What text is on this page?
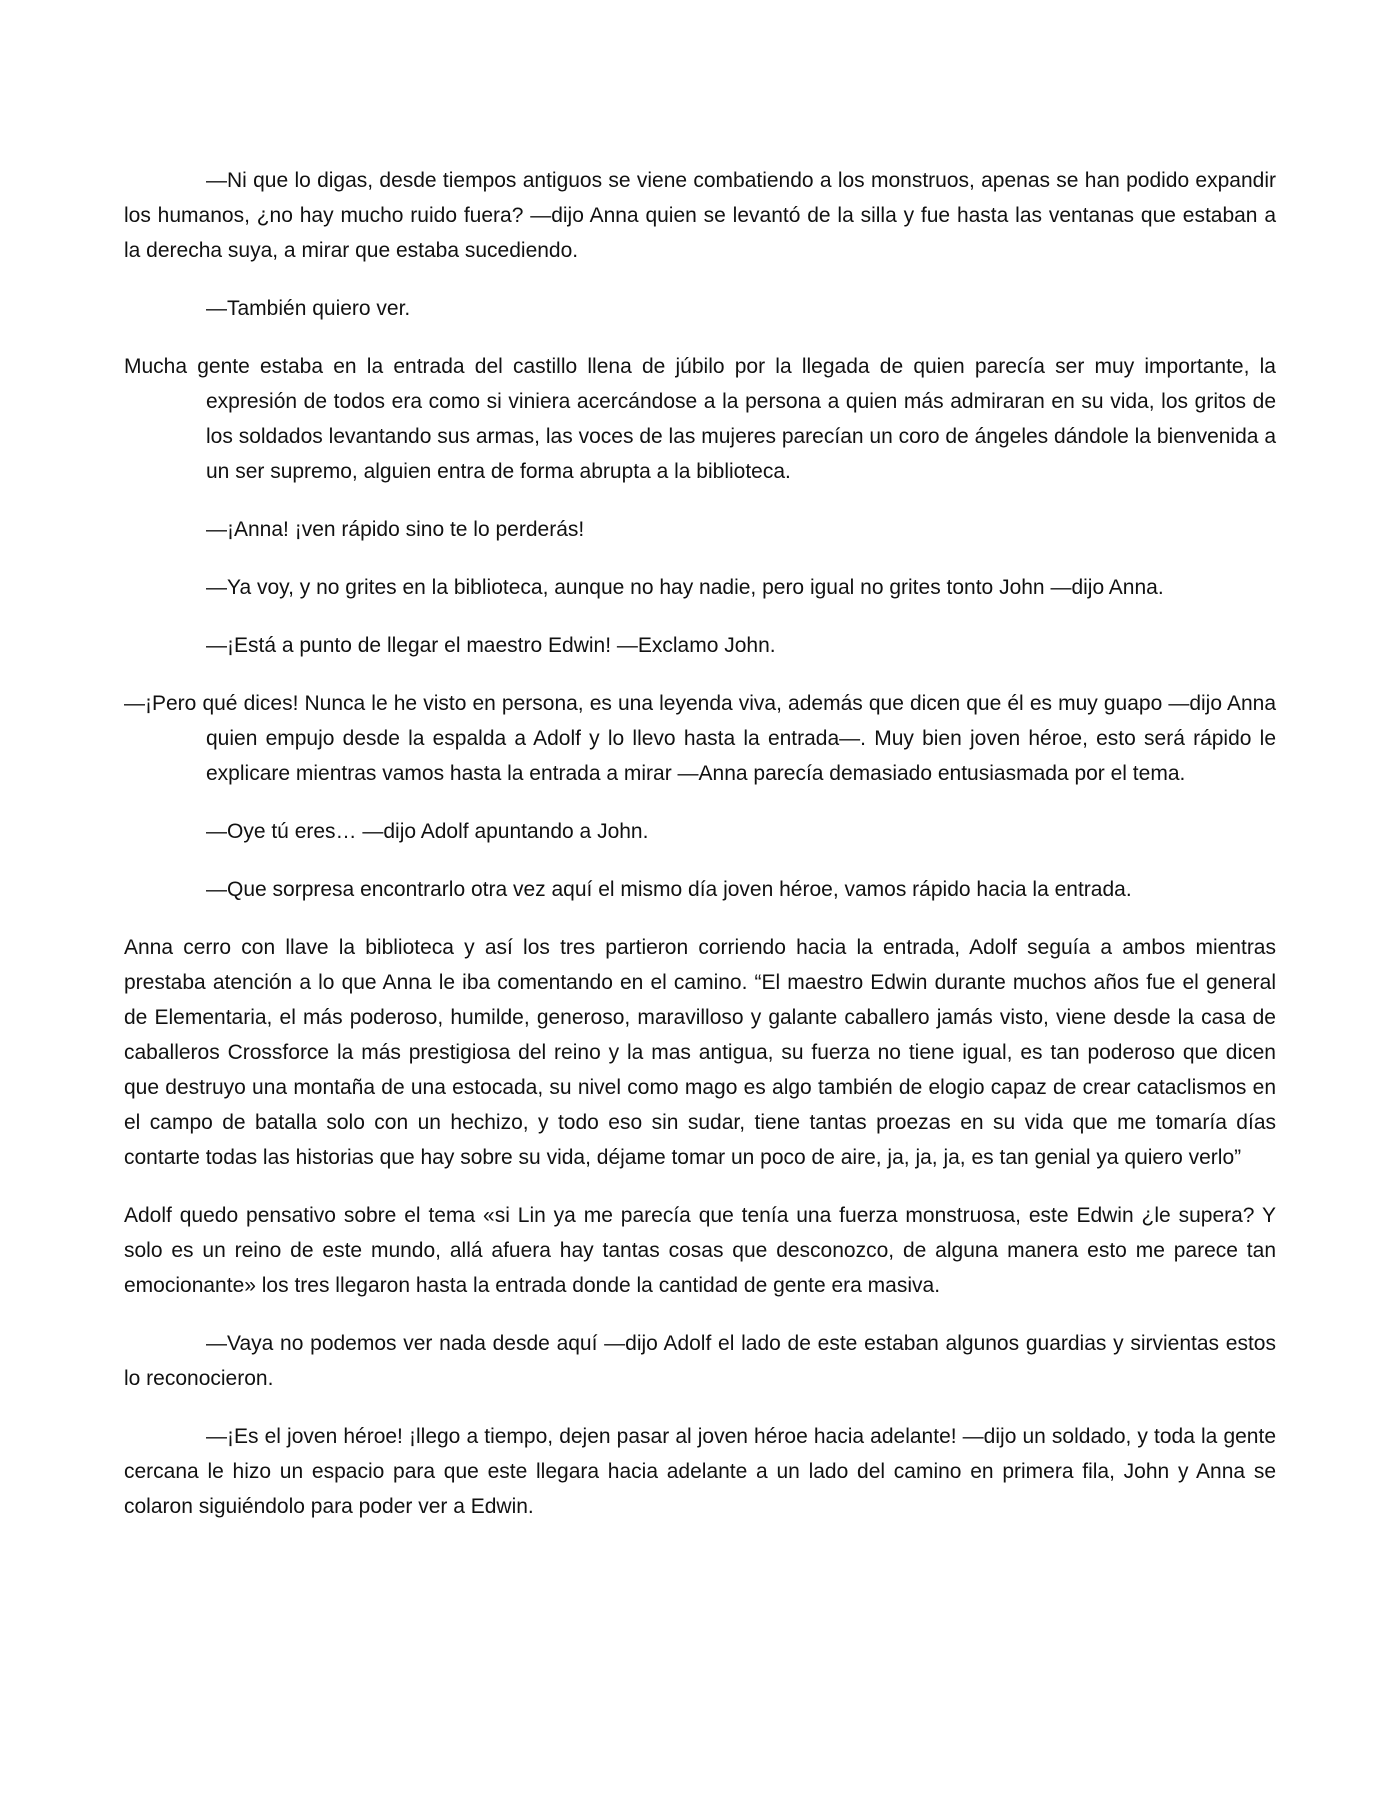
—Ni que lo digas, desde tiempos antiguos se viene combatiendo a los monstruos, apenas se han podido expandir los humanos, ¿no hay mucho ruido fuera? —dijo Anna quien se levantó de la silla y fue hasta las ventanas que estaban a la derecha suya, a mirar que estaba sucediendo.

—También quiero ver.

Mucha gente estaba en la entrada del castillo llena de júbilo por la llegada de quien parecía ser muy importante, la expresión de todos era como si viniera acercándose a la persona a quien más admiraran en su vida, los gritos de los soldados levantando sus armas, las voces de las mujeres parecían un coro de ángeles dándole la bienvenida a un ser supremo, alguien entra de forma abrupta a la biblioteca.

—¡Anna! ¡ven rápido sino te lo perderás!

—Ya voy, y no grites en la biblioteca, aunque no hay nadie, pero igual no grites tonto John —dijo Anna.

—¡Está a punto de llegar el maestro Edwin! —Exclamo John.

—¡Pero qué dices! Nunca le he visto en persona, es una leyenda viva, además que dicen que él es muy guapo —dijo Anna quien empujo desde la espalda a Adolf y lo llevo hasta la entrada—. Muy bien joven héroe, esto será rápido le explicare mientras vamos hasta la entrada a mirar —Anna parecía demasiado entusiasmada por el tema.

—Oye tú eres… —dijo Adolf apuntando a John.

—Que sorpresa encontrarlo otra vez aquí el mismo día joven héroe, vamos rápido hacia la entrada.

Anna cerro con llave la biblioteca y así los tres partieron corriendo hacia la entrada, Adolf seguía a ambos mientras prestaba atención a lo que Anna le iba comentando en el camino. “El maestro Edwin durante muchos años fue el general de Elementaria, el más poderoso, humilde, generoso, maravilloso y galante caballero jamás visto, viene desde la casa de caballeros Crossforce la más prestigiosa del reino y la mas antigua, su fuerza no tiene igual, es tan poderoso que dicen que destruyo una montaña de una estocada, su nivel como mago es algo también de elogio capaz de crear cataclismos en el campo de batalla solo con un hechizo, y todo eso sin sudar, tiene tantas proezas en su vida que me tomaría días contarte todas las historias que hay sobre su vida, déjame tomar un poco de aire, ja, ja, ja, es tan genial ya quiero verlo”

Adolf quedo pensativo sobre el tema «si Lin ya me parecía que tenía una fuerza monstruosa, este Edwin ¿le supera? Y solo es un reino de este mundo, allá afuera hay tantas cosas que desconozco, de alguna manera esto me parece tan emocionante» los tres llegaron hasta la entrada donde la cantidad de gente era masiva.

—Vaya no podemos ver nada desde aquí —dijo Adolf el lado de este estaban algunos guardias y sirvientas estos lo reconocieron.

—¡Es el joven héroe! ¡llego a tiempo, dejen pasar al joven héroe hacia adelante! —dijo un soldado, y toda la gente cercana le hizo un espacio para que este llegara hacia adelante a un lado del camino en primera fila, John y Anna se colaron siguiéndolo para poder ver a Edwin.
